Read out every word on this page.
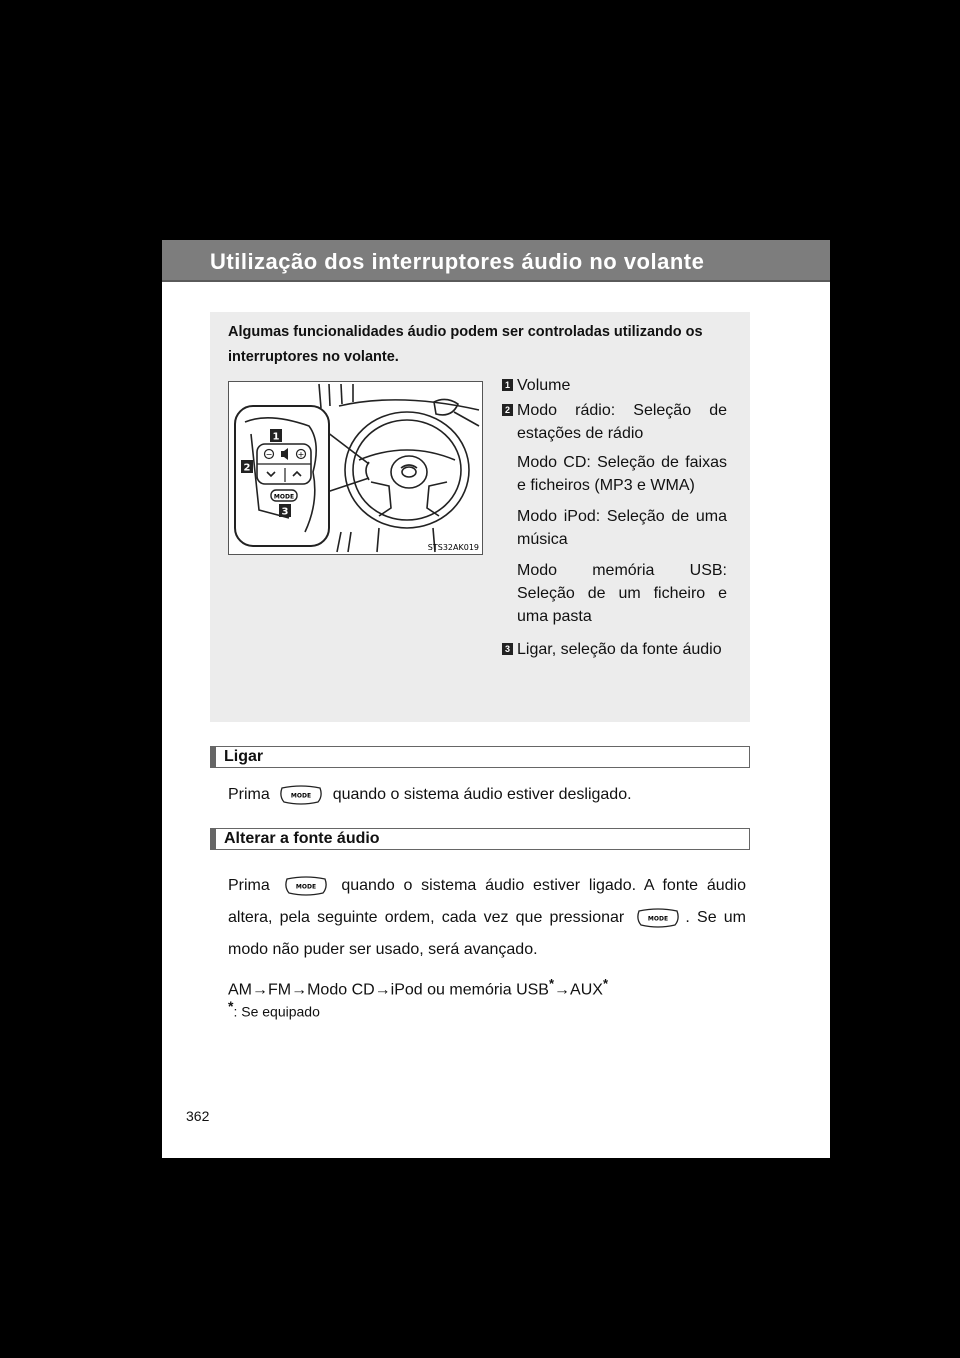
Utilização dos interruptores áudio no volante
Algumas funcionalidades áudio podem ser controladas utilizando os interruptores no volante.
−	+
MODE
1
2
3
STS32AK019
1 Volume
2 Modo rádio: Seleção de estações de rádio
Modo CD: Seleção de faixas e ficheiros (MP3 e WMA)
Modo iPod: Seleção de uma música
Modo memória USB: Seleção de um ficheiro e uma pasta
3 Ligar, seleção da fonte áudio
Ligar
Prima	MODE quando o sistema áudio estiver desligado.
Alterar a fonte áudio
Prima	MODE quando o sistema áudio estiver ligado. A fonte áudio altera, pela seguinte ordem, cada vez que pressionar	MODE . Se um modo não puder ser usado, será avançado.
AM→FM→Modo CD→iPod ou memória USB*→AUX*
*: Se equipado
362
